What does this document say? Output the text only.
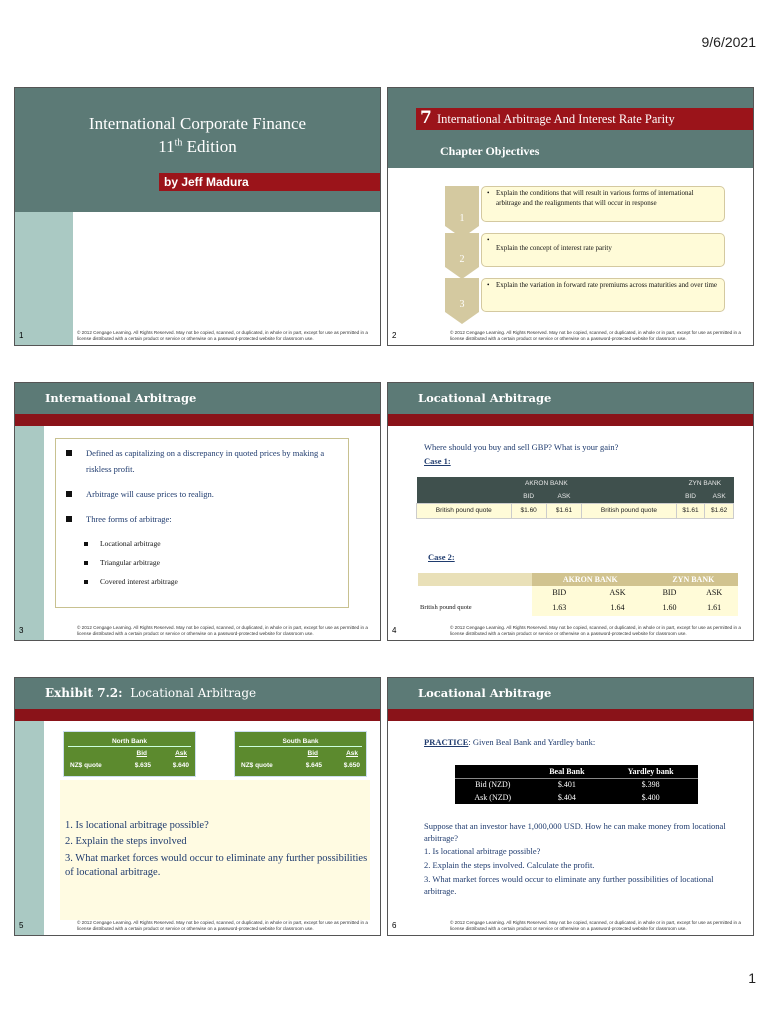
9/6/2021
International Corporate Finance
11th Edition
by Jeff Madura
1	© 2012 Cengage Learning. All Rights Reserved. May not be copied, scanned, or duplicated, in whole or in part, except for use as permitted in a license distributed with a certain product or service or otherwise on a password-protected website for classroom use.
7 International Arbitrage And Interest Rate Parity
Chapter Objectives
1
• Explain the conditions that will result in various forms of international arbitrage and the realignments that will occur in response
2
• Explain the concept of interest rate parity
3
• Explain the variation in forward rate premiums across maturities and over time
2	© 2012 Cengage Learning. All Rights Reserved. May not be copied, scanned, or duplicated, in whole or in part, except for use as permitted in a license distributed with a certain product or service or otherwise on a password-protected website for classroom use.
International Arbitrage
Defined as capitalizing on a discrepancy in quoted prices by making a riskless profit.
Arbitrage will cause prices to realign.
Three forms of arbitrage:
Locational arbitrage
Triangular arbitrage
Covered interest arbitrage
3	© 2012 Cengage Learning. All Rights Reserved. May not be copied, scanned, or duplicated, in whole or in part, except for use as permitted in a license distributed with a certain product or service or otherwise on a password-protected website for classroom use.
Locational Arbitrage
Where should you buy and sell GBP? What is your gain?
Case 1:
	AKRON BANK			ZYN BANK	
	BID	ASK		BID	ASK
British pound quote	$1.60	$1.61	British pound quote	$1.61	$1.62
Case 2:
	AKRON BANK		ZYN BANK	
	BID	ASK	BID	ASK
British pound quote	1.63	1.64	1.60	1.61
4	© 2012 Cengage Learning. All Rights Reserved. May not be copied, scanned, or duplicated, in whole or in part, except for use as permitted in a license distributed with a certain product or service or otherwise on a password-protected website for classroom use.
Exhibit 7.2: Locational Arbitrage
North Bank
Bid	Ask
NZ$ quote	$.635	$.640
South Bank
Bid	Ask
NZ$ quote	$.645	$.650
1. Is locational arbitrage possible?
2. Explain the steps involved
3. What market forces would occur to eliminate any further possibilities of locational arbitrage.
5	© 2012 Cengage Learning. All Rights Reserved. May not be copied, scanned, or duplicated, in whole or in part, except for use as permitted in a license distributed with a certain product or service or otherwise on a password-protected website for classroom use.
Locational Arbitrage
PRACTICE: Given Beal Bank and Yardley bank:
	Beal Bank	Yardley bank
Bid (NZD)	$.401	$.398
Ask (NZD)	$.404	$.400
Suppose that an investor have 1,000,000 USD. How he can make money from locational arbitrage?
1. Is locational arbitrage possible?
2. Explain the steps involved. Calculate the profit.
3. What market forces would occur to eliminate any further possibilities of locational arbitrage.
6	© 2012 Cengage Learning. All Rights Reserved. May not be copied, scanned, or duplicated, in whole or in part, except for use as permitted in a license distributed with a certain product or service or otherwise on a password-protected website for classroom use.
1
